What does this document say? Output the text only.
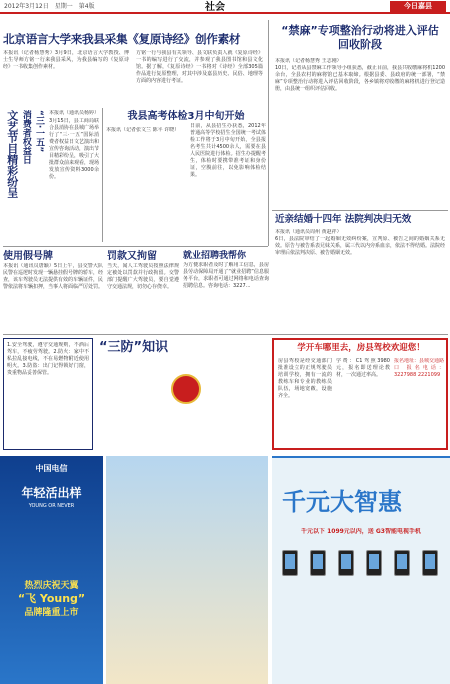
2012年3月12日　星期一　第4版	社会	今日嘉县
北京语言大学来我县采集《复原诗经》创作素材
本报讯（记者杨慧秀）3月9日，北京语言大学教授、博士生导师方铭一行来我县采风，为我县编写的《复原诗经》一书收集创作素材。
方铭一行与我县有关领导、县文联负责人就《复原诗经》一书的编写进行了交流，并参观了我县图书馆和县文化馆。据了解，《复原诗经》一书将对《诗经》全部305篇作品进行复原整理，对其中涉及嘉县历史、民俗、地理等方面的内容进行考证。
“禁麻”专项整治行动将进入评估回收阶段
本报讯（记者杨慧秀 王志刚）
10日，记者从县禁麻工作领导小组获悉，截止目前，我县共收缴麻将机1200余台，全县农村的麻将馆已基本取缔。根据县委、县政府的统一部署，“禁麻”专项整治行动将进入评估回收阶段，各乡镇将对收缴的麻将机进行登记造册，由县统一组织评估回收。
近亲结婚十四年 法院判决归无效
本报讯（通讯员周州 黄赵祥）
6日，县法院审结了一起婚姻无效纠纷案，宣判原、被告之间的婚姻关系无效。原告与被告系表兄妹关系，属三代以内旁系血亲，依法不得结婚。法院经审理后依法判决原、被告婚姻无效。
“三·一五”
消费者权益日
文艺节目精彩纷呈	本报讯（通讯员杨婷）
3月15日，县工商局联合县消协在县城广场举行了“三·一五”国际消费者权益日文艺演出和宣传咨询活动，演出节目精彩纷呈，吸引了大批群众前来观看，现场发放宣传资料3000余份。
我县高考体检3月中旬开始
本报讯（记者张文兰 陈平 许晓）
日前，从县招生办获悉，2012年普通高等学校招生全国统一考试体检工作将于3月中旬开始，全县报名考生共计4500余人，需要在县人民医院进行体检。招生办提醒考生，体检时要携带准考证和身份证，空腹前往，以免影响体检结果。
使用假号牌
本报讯（通讯员唐颖）5日上午，县交警大队民警在巡逻时发现一辆悬挂假号牌的轿车，经查，该车驾驶员无法提供有效的车辆证件，民警依法将车辆扣押，当事人将面临严厉处罚。
罚款又拘留
当天，闻人工驾驶员按照法律规定被处以罚款并行政拘留。交警部门提醒广大驾驶员，要自觉遵守交通法规，切勿心存侥幸。
就业招聘我帮你
为方便求职者及时了解用工信息，县房县劳动保障局开通了“就业招聘”信息服务平台，求职者可通过网络和电话查询招聘信息。咨询电话：3227...
1.安全驾驶，遵守交通规则，不酒后驾车，不疲劳驾驶。2.防火：家中不私拉乱接电线，不在易燃物附近使用明火。3.防盗：出门记得锁好门窗，贵重物品妥善保管。
“三防”知识	学开车哪里去，房县驾校欢迎您！
房县驾校是经交通部门批准设立的正规驾驶员培训学校，拥有一流的教练车和专业的教练员队伍，场地宽敞，设施齐全。
学费：C1驾照3980元，报名即送理论教材，一次通过率高。
报名地址：县城交通路口 报名电话：3227988 2221099
中国电信
年轻活出样
YOUNG OR NEVER
热烈庆祝天翼
“飞 Young”
品牌隆重上市
千元大智惠
千元以下 1099元以内，送 G3智能电视手机
